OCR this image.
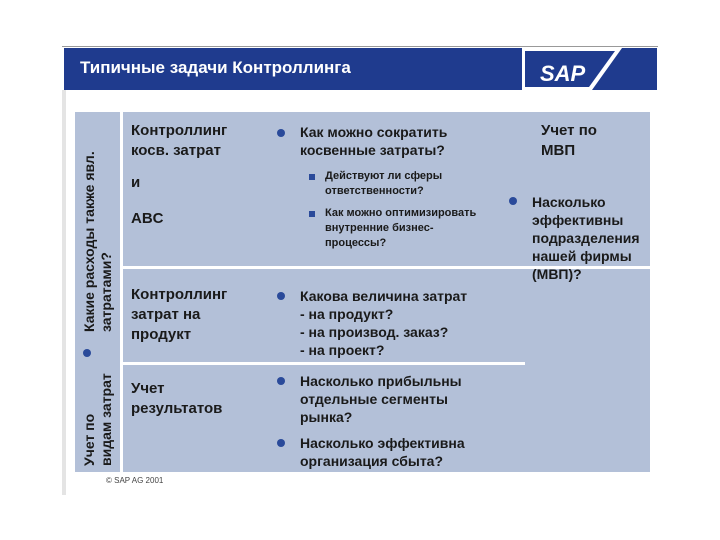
Типичные задачи Контроллинга	SAP
Какие расходы также явл. затратами?
Учет по видам затрат
Контроллинг
косв. затрат
и
ABC
Как можно сократить
косвенные затраты?
Действуют ли сферы
ответственности?
Как можно оптимизировать
внутренние бизнес-
процессы?
Учет по
МВП
Насколько
эффективны
подразделения
нашей фирмы
(МВП)?
Контроллинг
затрат на
продукт
Какова величина затрат
- на продукт?
- на производ. заказ?
- на проект?
Учет
результатов
Насколько прибыльны
отдельные сегменты
рынка?
Насколько эффективна
организация сбыта?
© SAP AG 2001
